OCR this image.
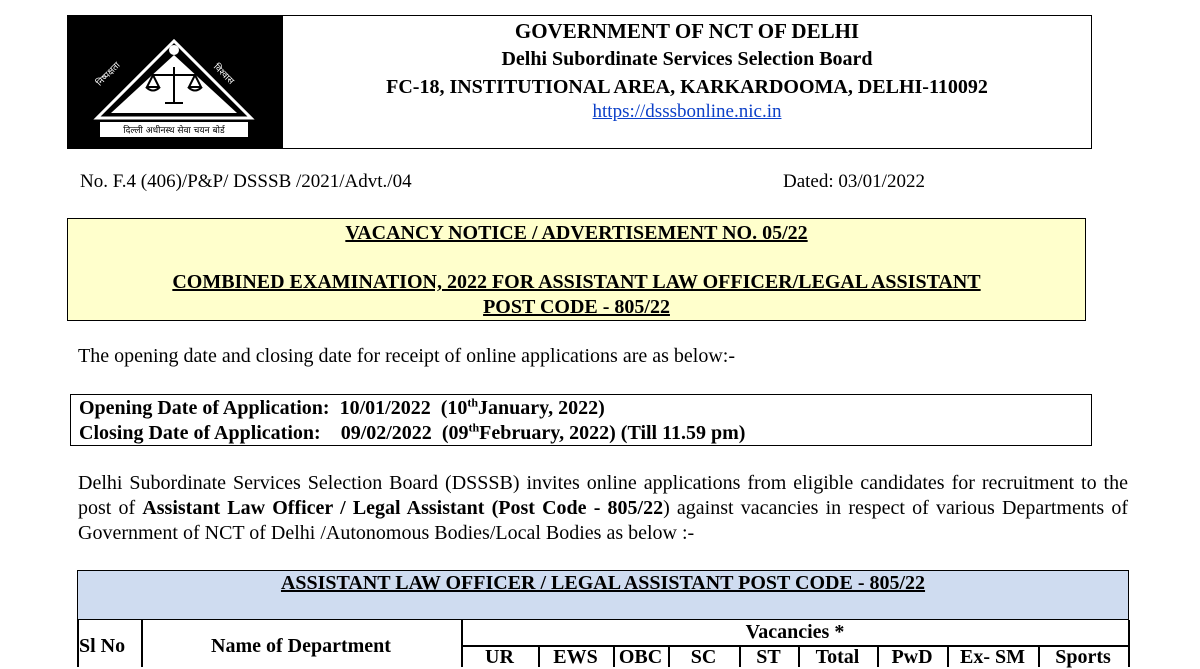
दिल्ली अधीनस्थ सेवा चयन बोर्ड
निष्पक्षता	विश्वास
GOVERNMENT OF NCT OF DELHI
Delhi Subordinate Services Selection Board
FC-18, INSTITUTIONAL AREA, KARKARDOOMA, DELHI-110092
https://dsssbonline.nic.in
No. F.4 (406)/P&P/ DSSSB /2021/Advt./04	Dated: 03/01/2022
VACANCY NOTICE / ADVERTISEMENT NO. 05/22
COMBINED EXAMINATION, 2022 FOR ASSISTANT LAW OFFICER/LEGAL ASSISTANT
POST CODE - 805/22
The opening date and closing date for receipt of online applications are as below:-
Opening Date of Application: 10/01/2022 (10thJanuary, 2022)
Closing Date of Application: 09/02/2022 (09thFebruary, 2022) (Till 11.59 pm)
Delhi Subordinate Services Selection Board (DSSSB) invites online applications from eligible candidates for recruitment to the post of Assistant Law Officer / Legal Assistant (Post Code - 805/22) against vacancies in respect of various Departments of Government of NCT of Delhi /Autonomous Bodies/Local Bodies as below :-
ASSISTANT LAW OFFICER / LEGAL ASSISTANT POST CODE - 805/22
Sl No	Name of Department
Vacancies *
UR	EWS	OBC	SC	ST	Total	PwD	Ex- SM	Sports
